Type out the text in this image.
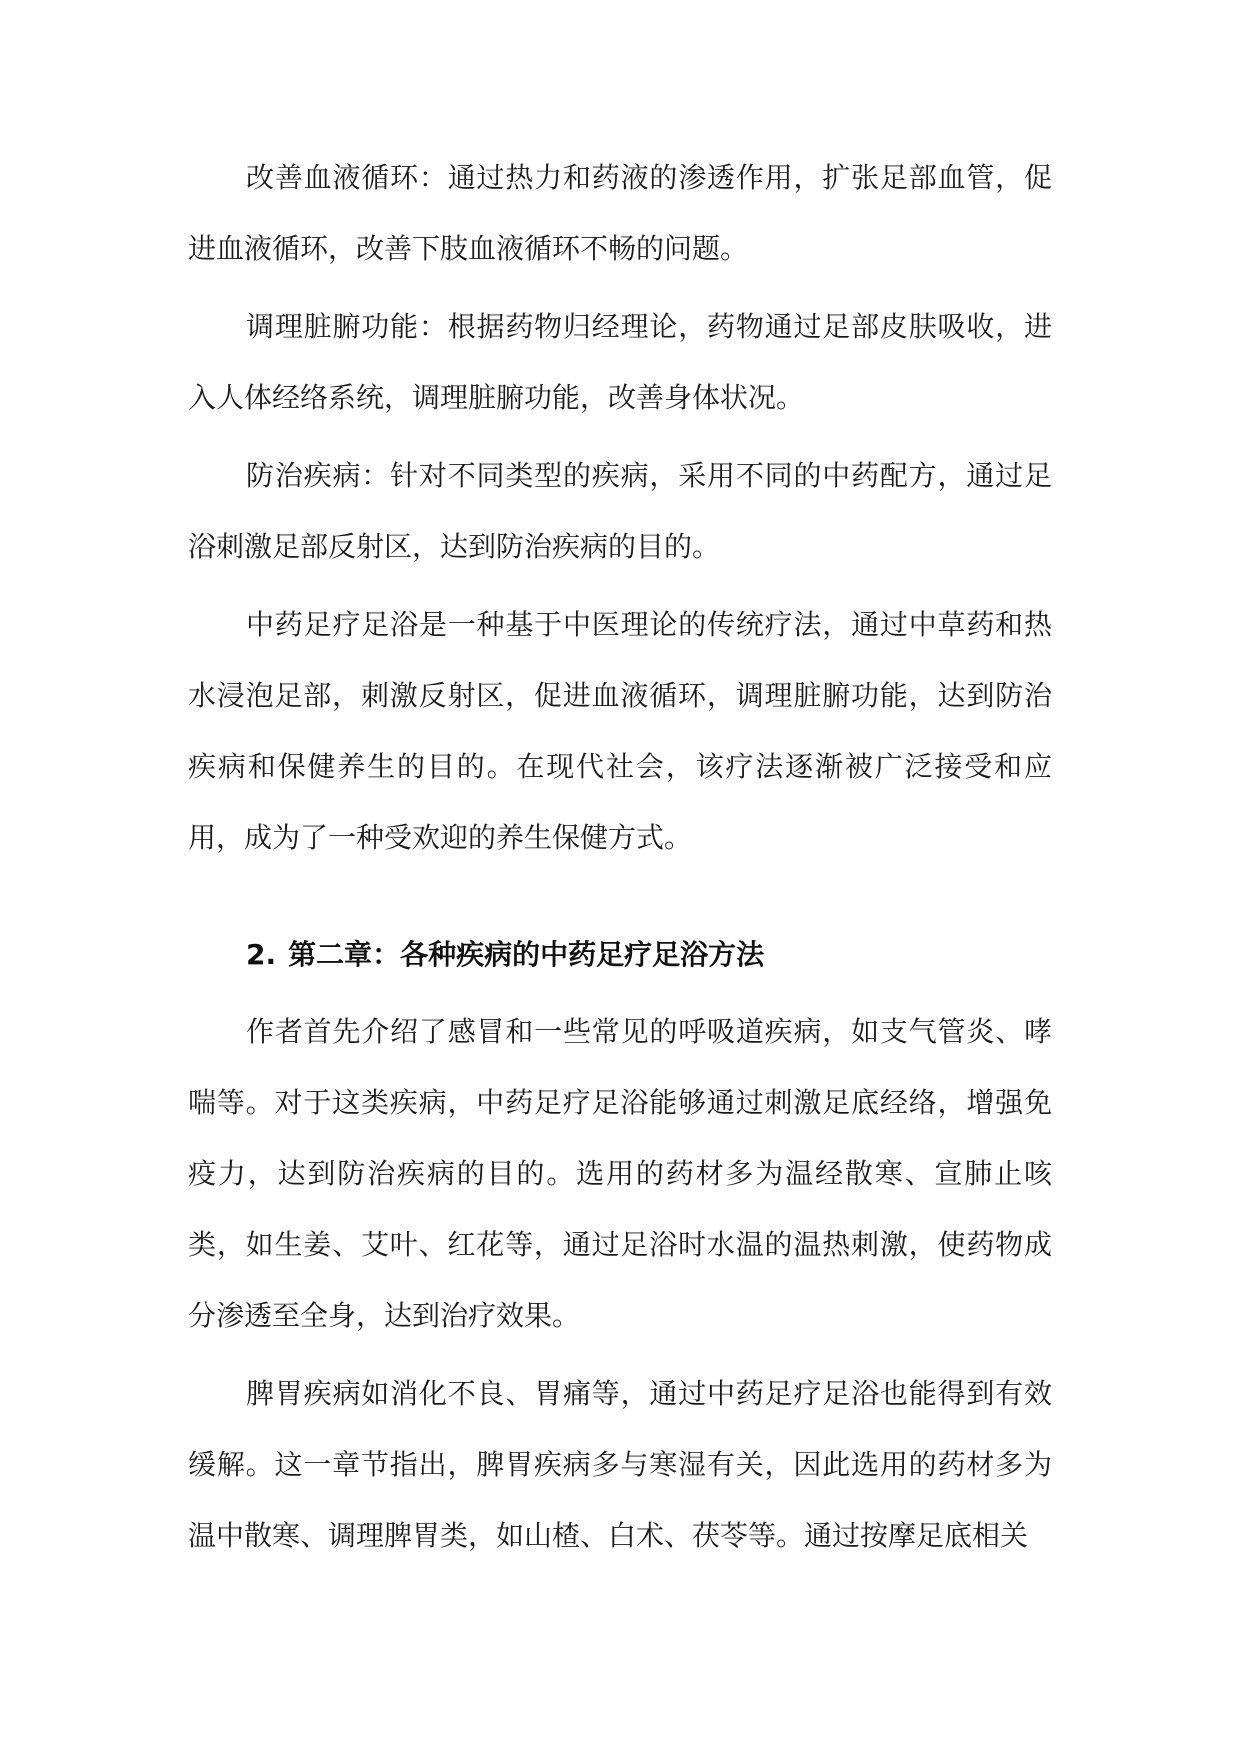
改善血液循环：通过热力和药液的渗透作用，扩张足部血管，促进血液循环，改善下肢血液循环不畅的问题。

调理脏腑功能：根据药物归经理论，药物通过足部皮肤吸收，进入人体经络系统，调理脏腑功能，改善身体状况。

防治疾病：针对不同类型的疾病，采用不同的中药配方，通过足浴刺激足部反射区，达到防治疾病的目的。

中药足疗足浴是一种基于中医理论的传统疗法，通过中草药和热水浸泡足部，刺激反射区，促进血液循环，调理脏腑功能，达到防治疾病和保健养生的目的。在现代社会，该疗法逐渐被广泛接受和应用，成为了一种受欢迎的养生保健方式。

2. 第二章：各种疾病的中药足疗足浴方法

作者首先介绍了感冒和一些常见的呼吸道疾病，如支气管炎、哮喘等。对于这类疾病，中药足疗足浴能够通过刺激足底经络，增强免疫力，达到防治疾病的目的。选用的药材多为温经散寒、宣肺止咳类，如生姜、艾叶、红花等，通过足浴时水温的温热刺激，使药物成分渗透至全身，达到治疗效果。

脾胃疾病如消化不良、胃痛等，通过中药足疗足浴也能得到有效缓解。这一章节指出，脾胃疾病多与寒湿有关，因此选用的药材多为温中散寒、调理脾胃类，如山楂、白术、茯苓等。通过按摩足底相关
